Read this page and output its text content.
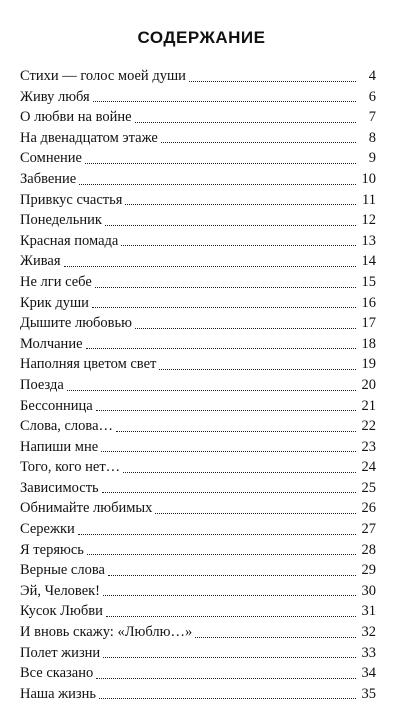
СОДЕРЖАНИЕ
Стихи — голос моей души	4
Живу любя	6
О любви на войне	7
На двенадцатом этаже	8
Сомнение	9
Забвение	10
Привкус счастья	11
Понедельник	12
Красная помада	13
Живая	14
Не лги себе	15
Крик души	16
Дышите любовью	17
Молчание	18
Наполняя цветом свет	19
Поезда	20
Бессонница	21
Слова, слова…	22
Напиши мне	23
Того, кого нет…	24
Зависимость	25
Обнимайте любимых	26
Сережки	27
Я теряюсь	28
Верные слова	29
Эй, Человек!	30
Кусок Любви	31
И вновь скажу: «Люблю…»	32
Полет жизни	33
Все сказано	34
Наша жизнь	35
